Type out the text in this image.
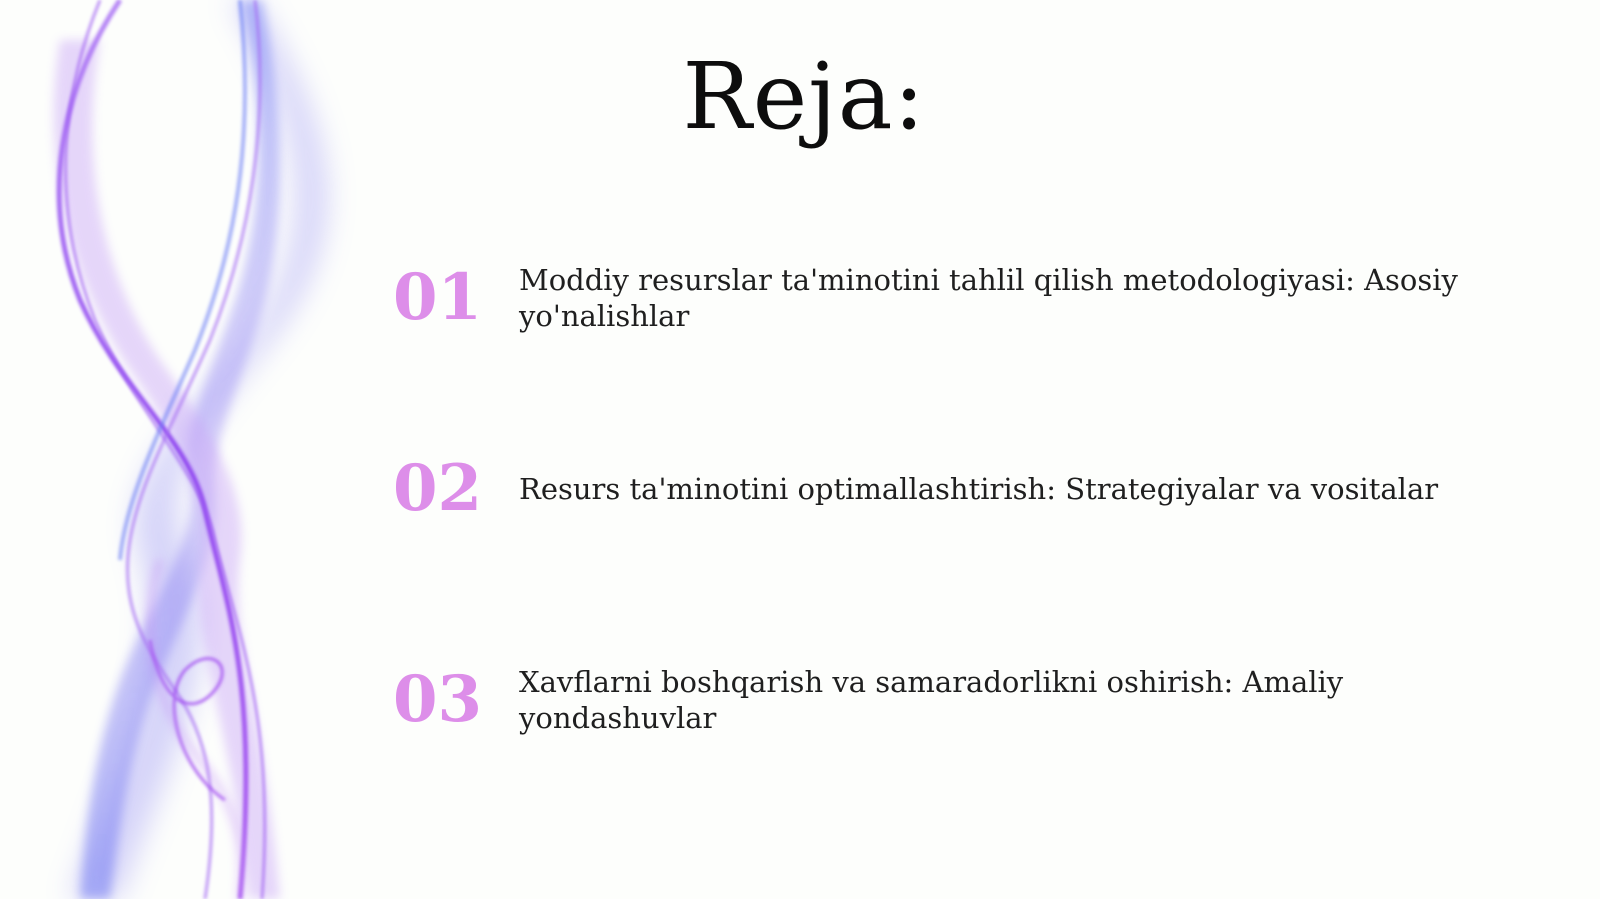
Reja:
01	Moddiy resurslar ta'minotini tahlil qilish metodologiyasi: Asosiy yo'nalishlar
02	Resurs ta'minotini optimallashtirish: Strategiyalar va vositalar
03	Xavflarni boshqarish va samaradorlikni oshirish: Amaliy yondashuvlar
